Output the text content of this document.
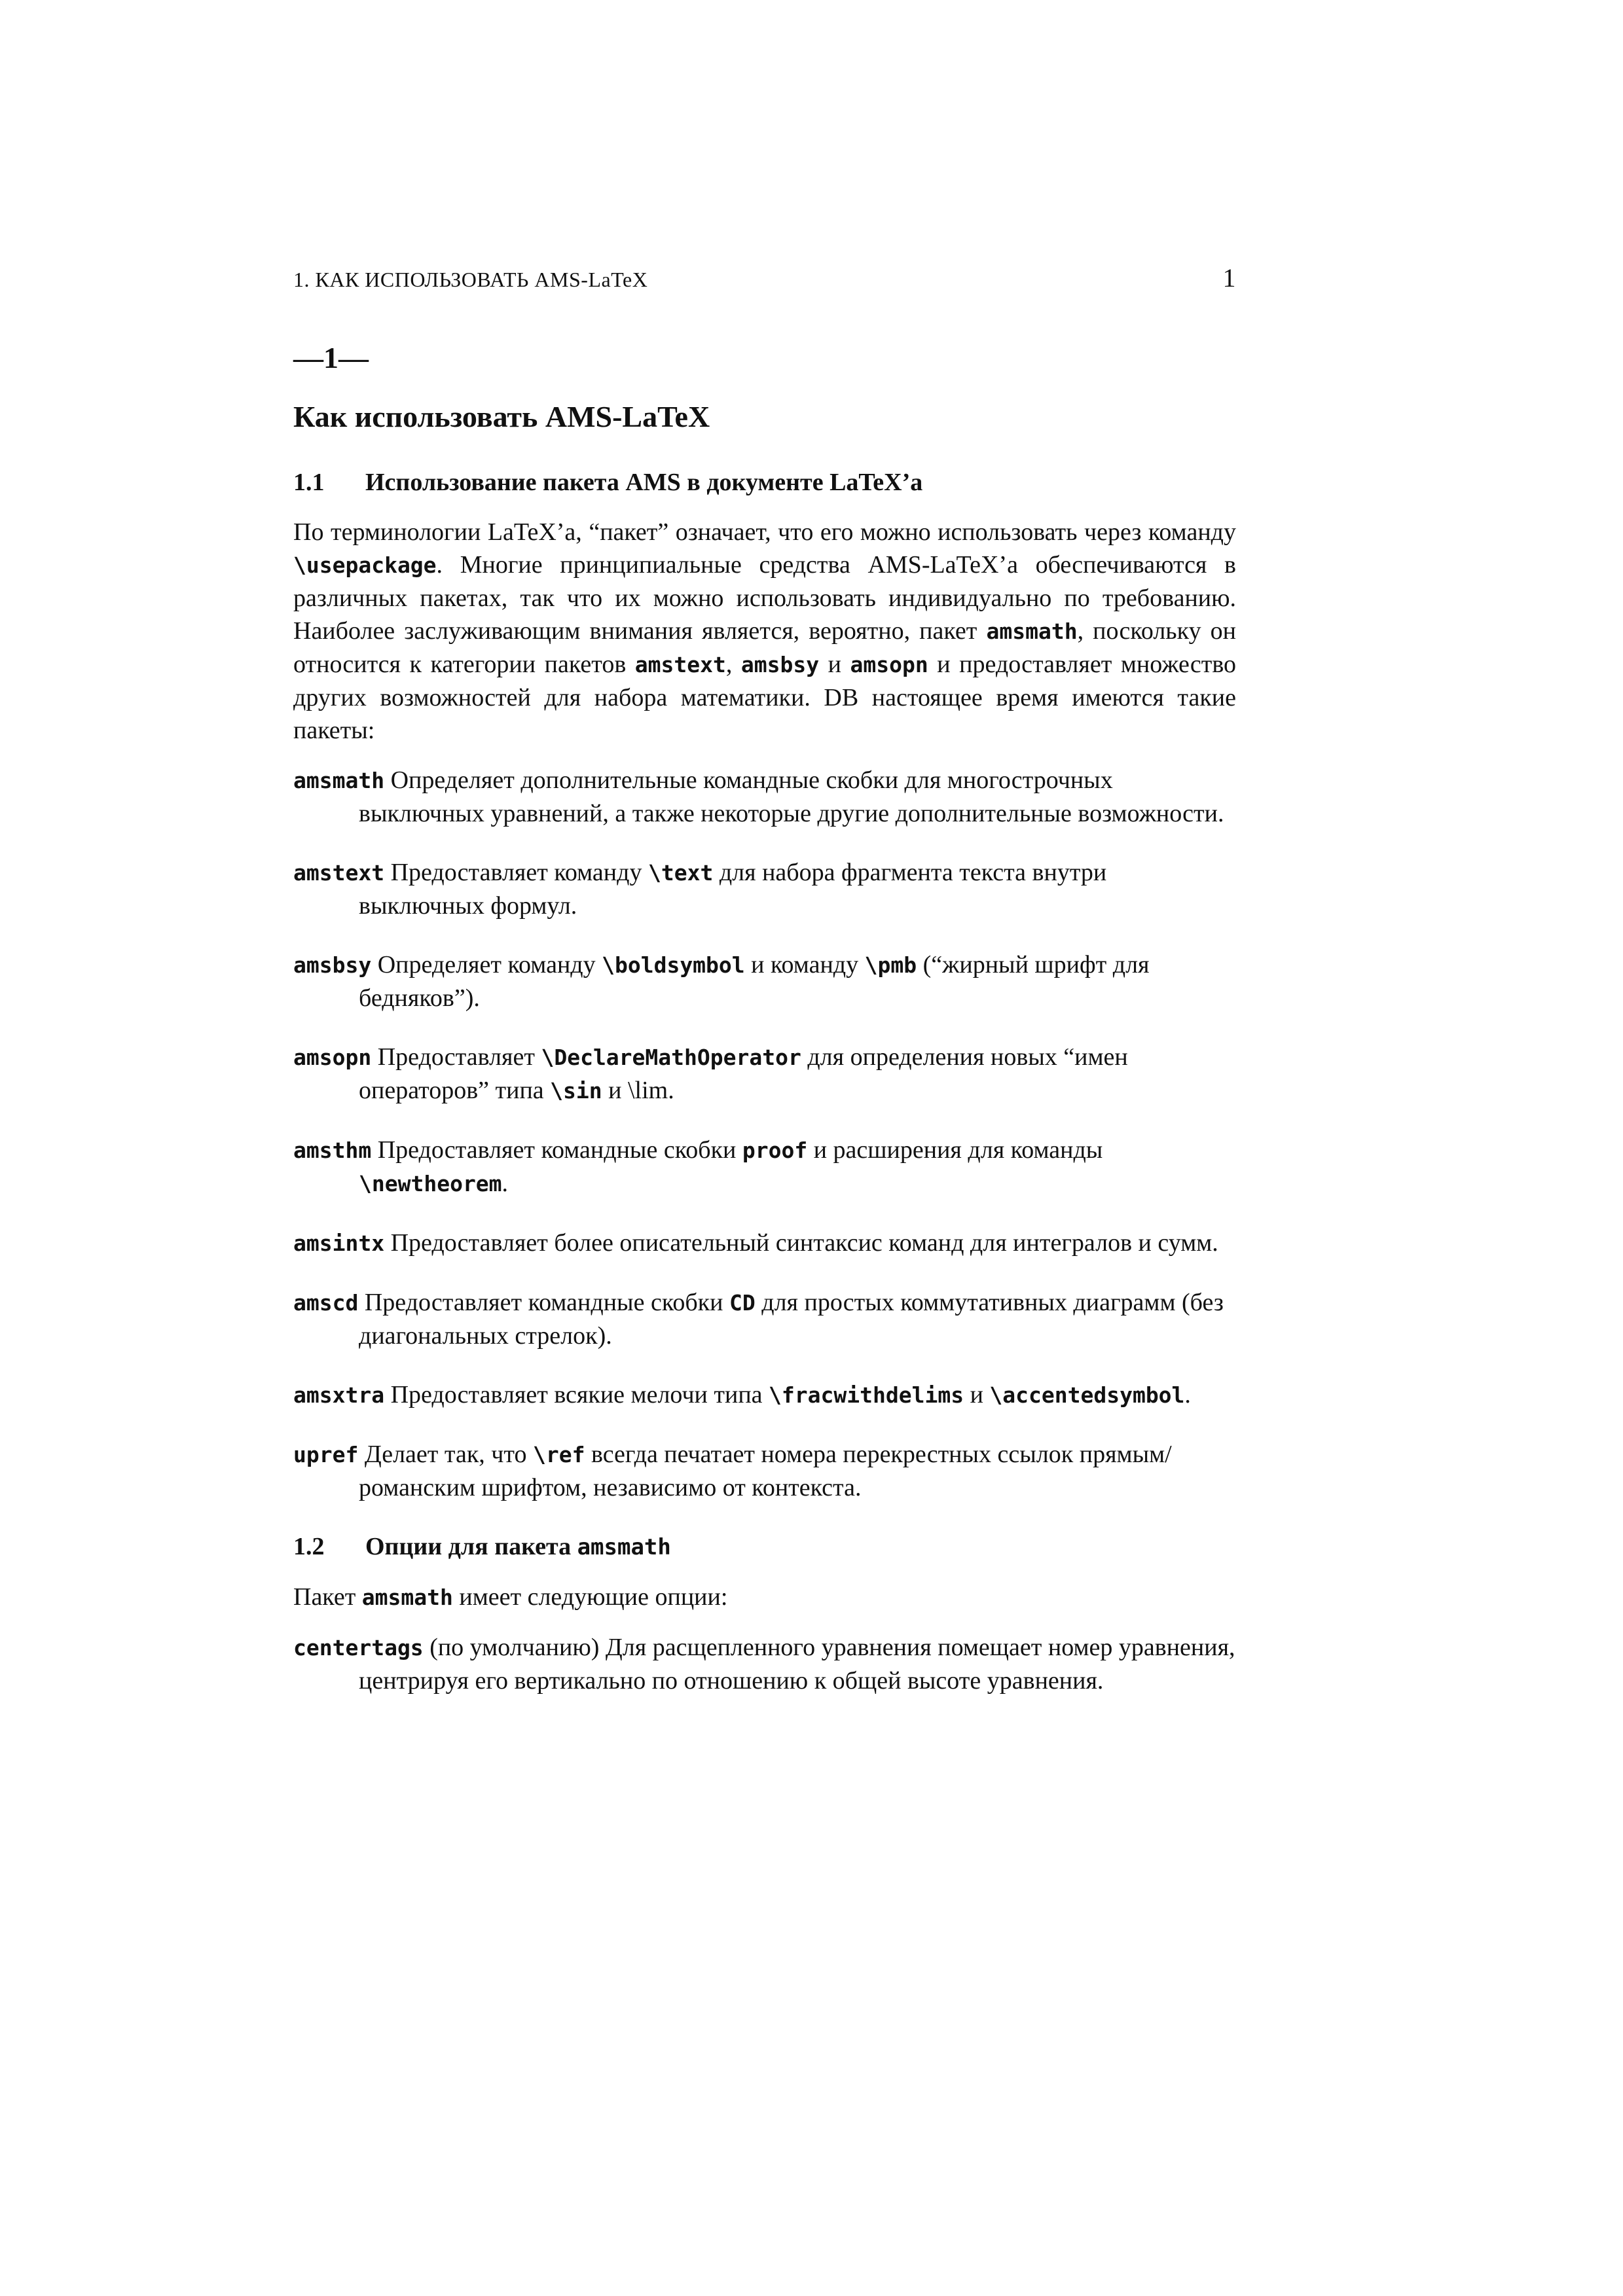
1. КАК ИСПОЛЬЗОВАТЬ AMS-LaTeX	1
—1—
Как использовать AMS-LaTeX
1.1	Использование пакета AMS в документе LaTeX’a
По терминологии LaTeX’а, “пакет” означает, что его можно использовать через команду \usepackage. Многие принципиальные средства AMS-LaTeX’а обеспечиваются в различных пакетах, так что их можно использовать индивидуально по требованию. Наиболее заслуживающим внимания является, вероятно, пакет amsmath, поскольку он относится к категории пакетов amstext, amsbsy и amsopn и предоставляет множество других возможностей для набора математики. DB настоящее время имеются такие пакеты:
amsmath Определяет дополнительные командные скобки для многострочных выключных уравнений, а также некоторые другие дополнительные возможности.
amstext Предоставляет команду \text для набора фрагмента текста внутри выключных формул.
amsbsy Определяет команду \boldsymbol и команду \pmb (“жирный шрифт для бедняков”).
amsopn Предоставляет \DeclareMathOperator для определения новых “имен операторов” типа \sin и \lim.
amsthm Предоставляет командные скобки proof и расширения для команды \newtheorem.
amsintx Предоставляет более описательный синтаксис команд для интегралов и сумм.
amscd Предоставляет командные скобки CD для простых коммутативных диаграмм (без диагональных стрелок).
amsxtra Предоставляет всякие мелочи типа \fracwithdelims и \accentedsymbol.
upref Делает так, что \ref всегда печатает номера перекрестных ссылок прямым/романским шрифтом, независимо от контекста.
1.2	Опции для пакета amsmath
Пакет amsmath имеет следующие опции:
centertags (по умолчанию) Для расщепленного уравнения помещает номер уравнения, центрируя его вертикально по отношению к общей высоте уравнения.
